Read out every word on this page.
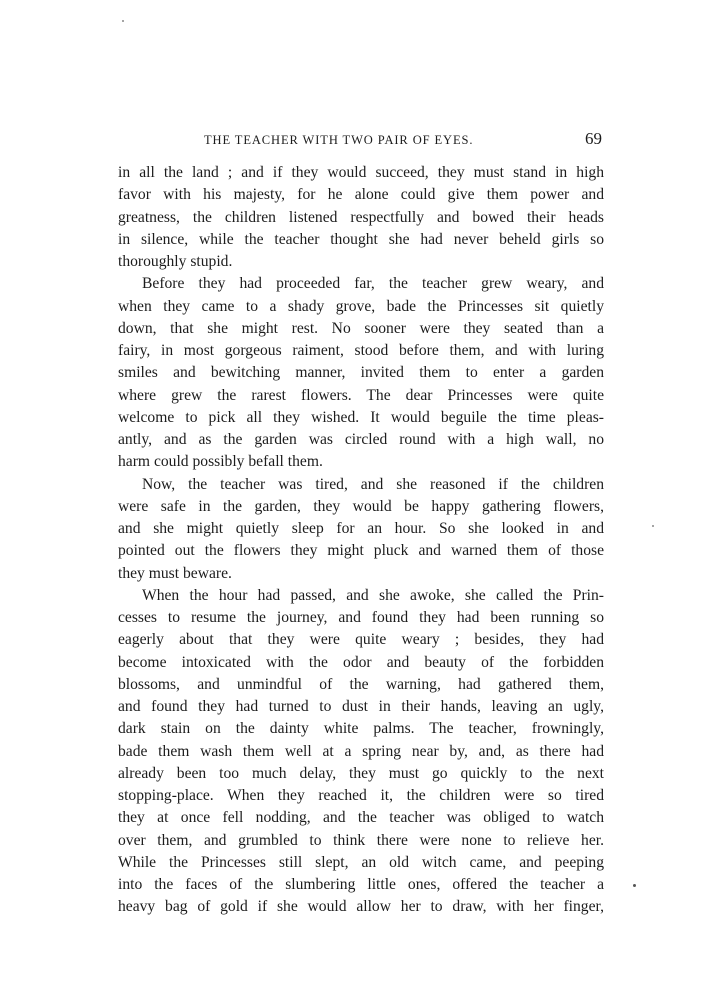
THE TEACHER WITH TWO PAIR OF EYES.	69
in all the land ; and if they would succeed, they must stand in high
favor with his majesty, for he alone could give them power and
greatness, the children listened respectfully and bowed their heads
in silence, while the teacher thought she had never beheld girls so
thoroughly stupid.
Before they had proceeded far, the teacher grew weary, and
when they came to a shady grove, bade the Princesses sit quietly
down, that she might rest. No sooner were they seated than a
fairy, in most gorgeous raiment, stood before them, and with luring
smiles and bewitching manner, invited them to enter a garden
where grew the rarest flowers. The dear Princesses were quite
welcome to pick all they wished. It would beguile the time pleas-
antly, and as the garden was circled round with a high wall, no
harm could possibly befall them.
Now, the teacher was tired, and she reasoned if the children
were safe in the garden, they would be happy gathering flowers,
and she might quietly sleep for an hour. So she looked in and
pointed out the flowers they might pluck and warned them of those
they must beware.
When the hour had passed, and she awoke, she called the Prin-
cesses to resume the journey, and found they had been running so
eagerly about that they were quite weary ; besides, they had
become intoxicated with the odor and beauty of the forbidden
blossoms, and unmindful of the warning, had gathered them,
and found they had turned to dust in their hands, leaving an ugly,
dark stain on the dainty white palms. The teacher, frowningly,
bade them wash them well at a spring near by, and, as there had
already been too much delay, they must go quickly to the next
stopping-place. When they reached it, the children were so tired
they at once fell nodding, and the teacher was obliged to watch
over them, and grumbled to think there were none to relieve her.
While the Princesses still slept, an old witch came, and peeping
into the faces of the slumbering little ones, offered the teacher a
heavy bag of gold if she would allow her to draw, with her finger,
